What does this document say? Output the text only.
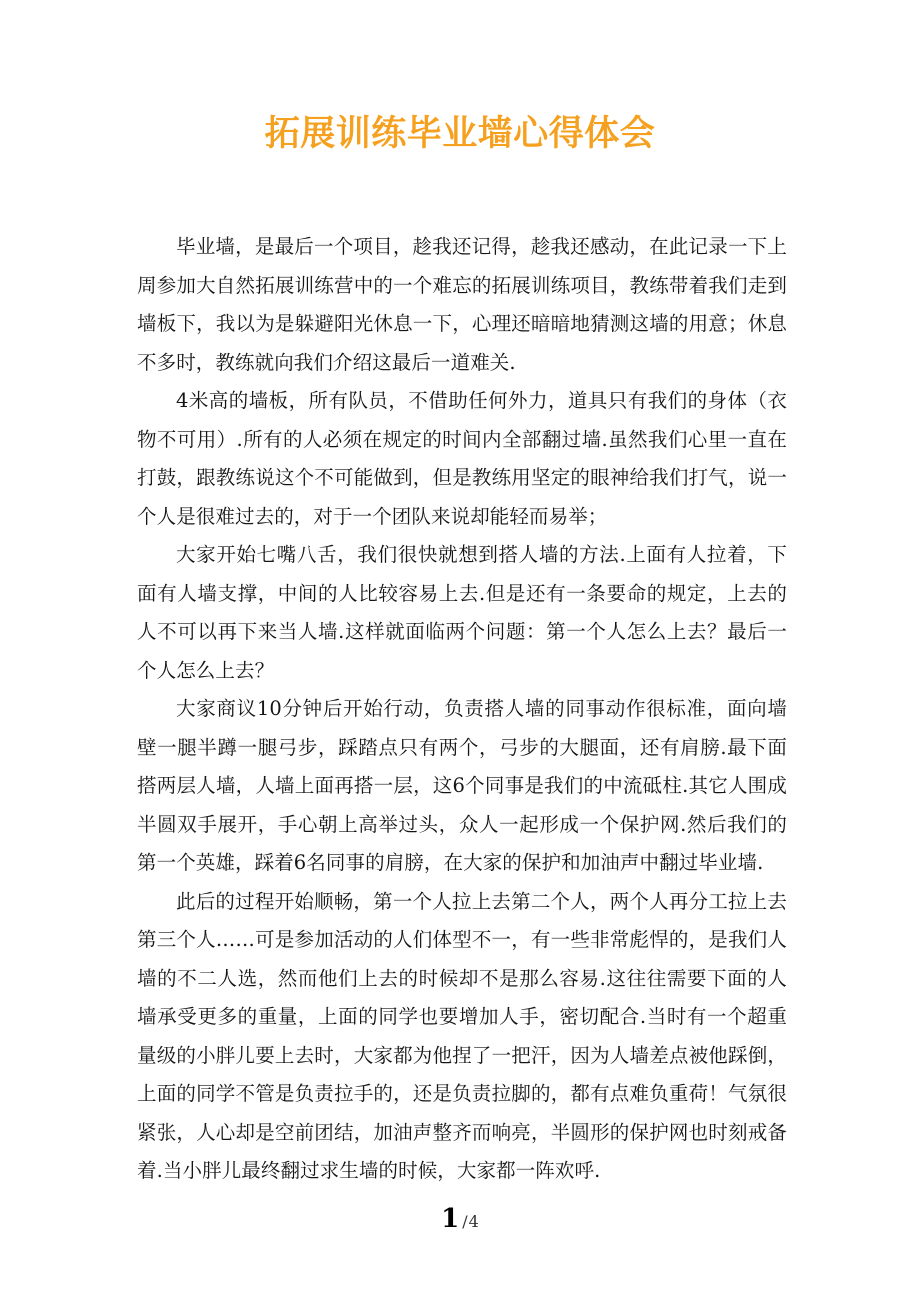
拓展训练毕业墙心得体会

毕业墙，是最后一个项目，趁我还记得，趁我还感动，在此记录一下上周参加大自然拓展训练营中的一个难忘的拓展训练项目，教练带着我们走到墙板下，我以为是躲避阳光休息一下，心理还暗暗地猜测这墙的用意；休息不多时，教练就向我们介绍这最后一道难关.

4米高的墙板，所有队员，不借助任何外力，道具只有我们的身体（衣物不可用）.所有的人必须在规定的时间内全部翻过墙.虽然我们心里一直在打鼓，跟教练说这个不可能做到，但是教练用坚定的眼神给我们打气，说一个人是很难过去的，对于一个团队来说却能轻而易举；

大家开始七嘴八舌，我们很快就想到搭人墙的方法.上面有人拉着，下面有人墙支撑，中间的人比较容易上去.但是还有一条要命的规定，上去的人不可以再下来当人墙.这样就面临两个问题：第一个人怎么上去？最后一个人怎么上去？

大家商议10分钟后开始行动，负责搭人墙的同事动作很标准，面向墙壁一腿半蹲一腿弓步，踩踏点只有两个，弓步的大腿面，还有肩膀.最下面搭两层人墙，人墙上面再搭一层，这6个同事是我们的中流砥柱.其它人围成半圆双手展开，手心朝上高举过头，众人一起形成一个保护网.然后我们的第一个英雄，踩着6名同事的肩膀，在大家的保护和加油声中翻过毕业墙.

此后的过程开始顺畅，第一个人拉上去第二个人，两个人再分工拉上去第三个人……可是参加活动的人们体型不一，有一些非常彪悍的，是我们人墙的不二人选，然而他们上去的时候却不是那么容易.这往往需要下面的人墙承受更多的重量，上面的同学也要增加人手，密切配合.当时有一个超重量级的小胖儿要上去时，大家都为他捏了一把汗，因为人墙差点被他踩倒，上面的同学不管是负责拉手的，还是负责拉脚的，都有点难负重荷！气氛很紧张，人心却是空前团结，加油声整齐而响亮，半圆形的保护网也时刻戒备着.当小胖儿最终翻过求生墙的时候，大家都一阵欢呼.

1 /4
